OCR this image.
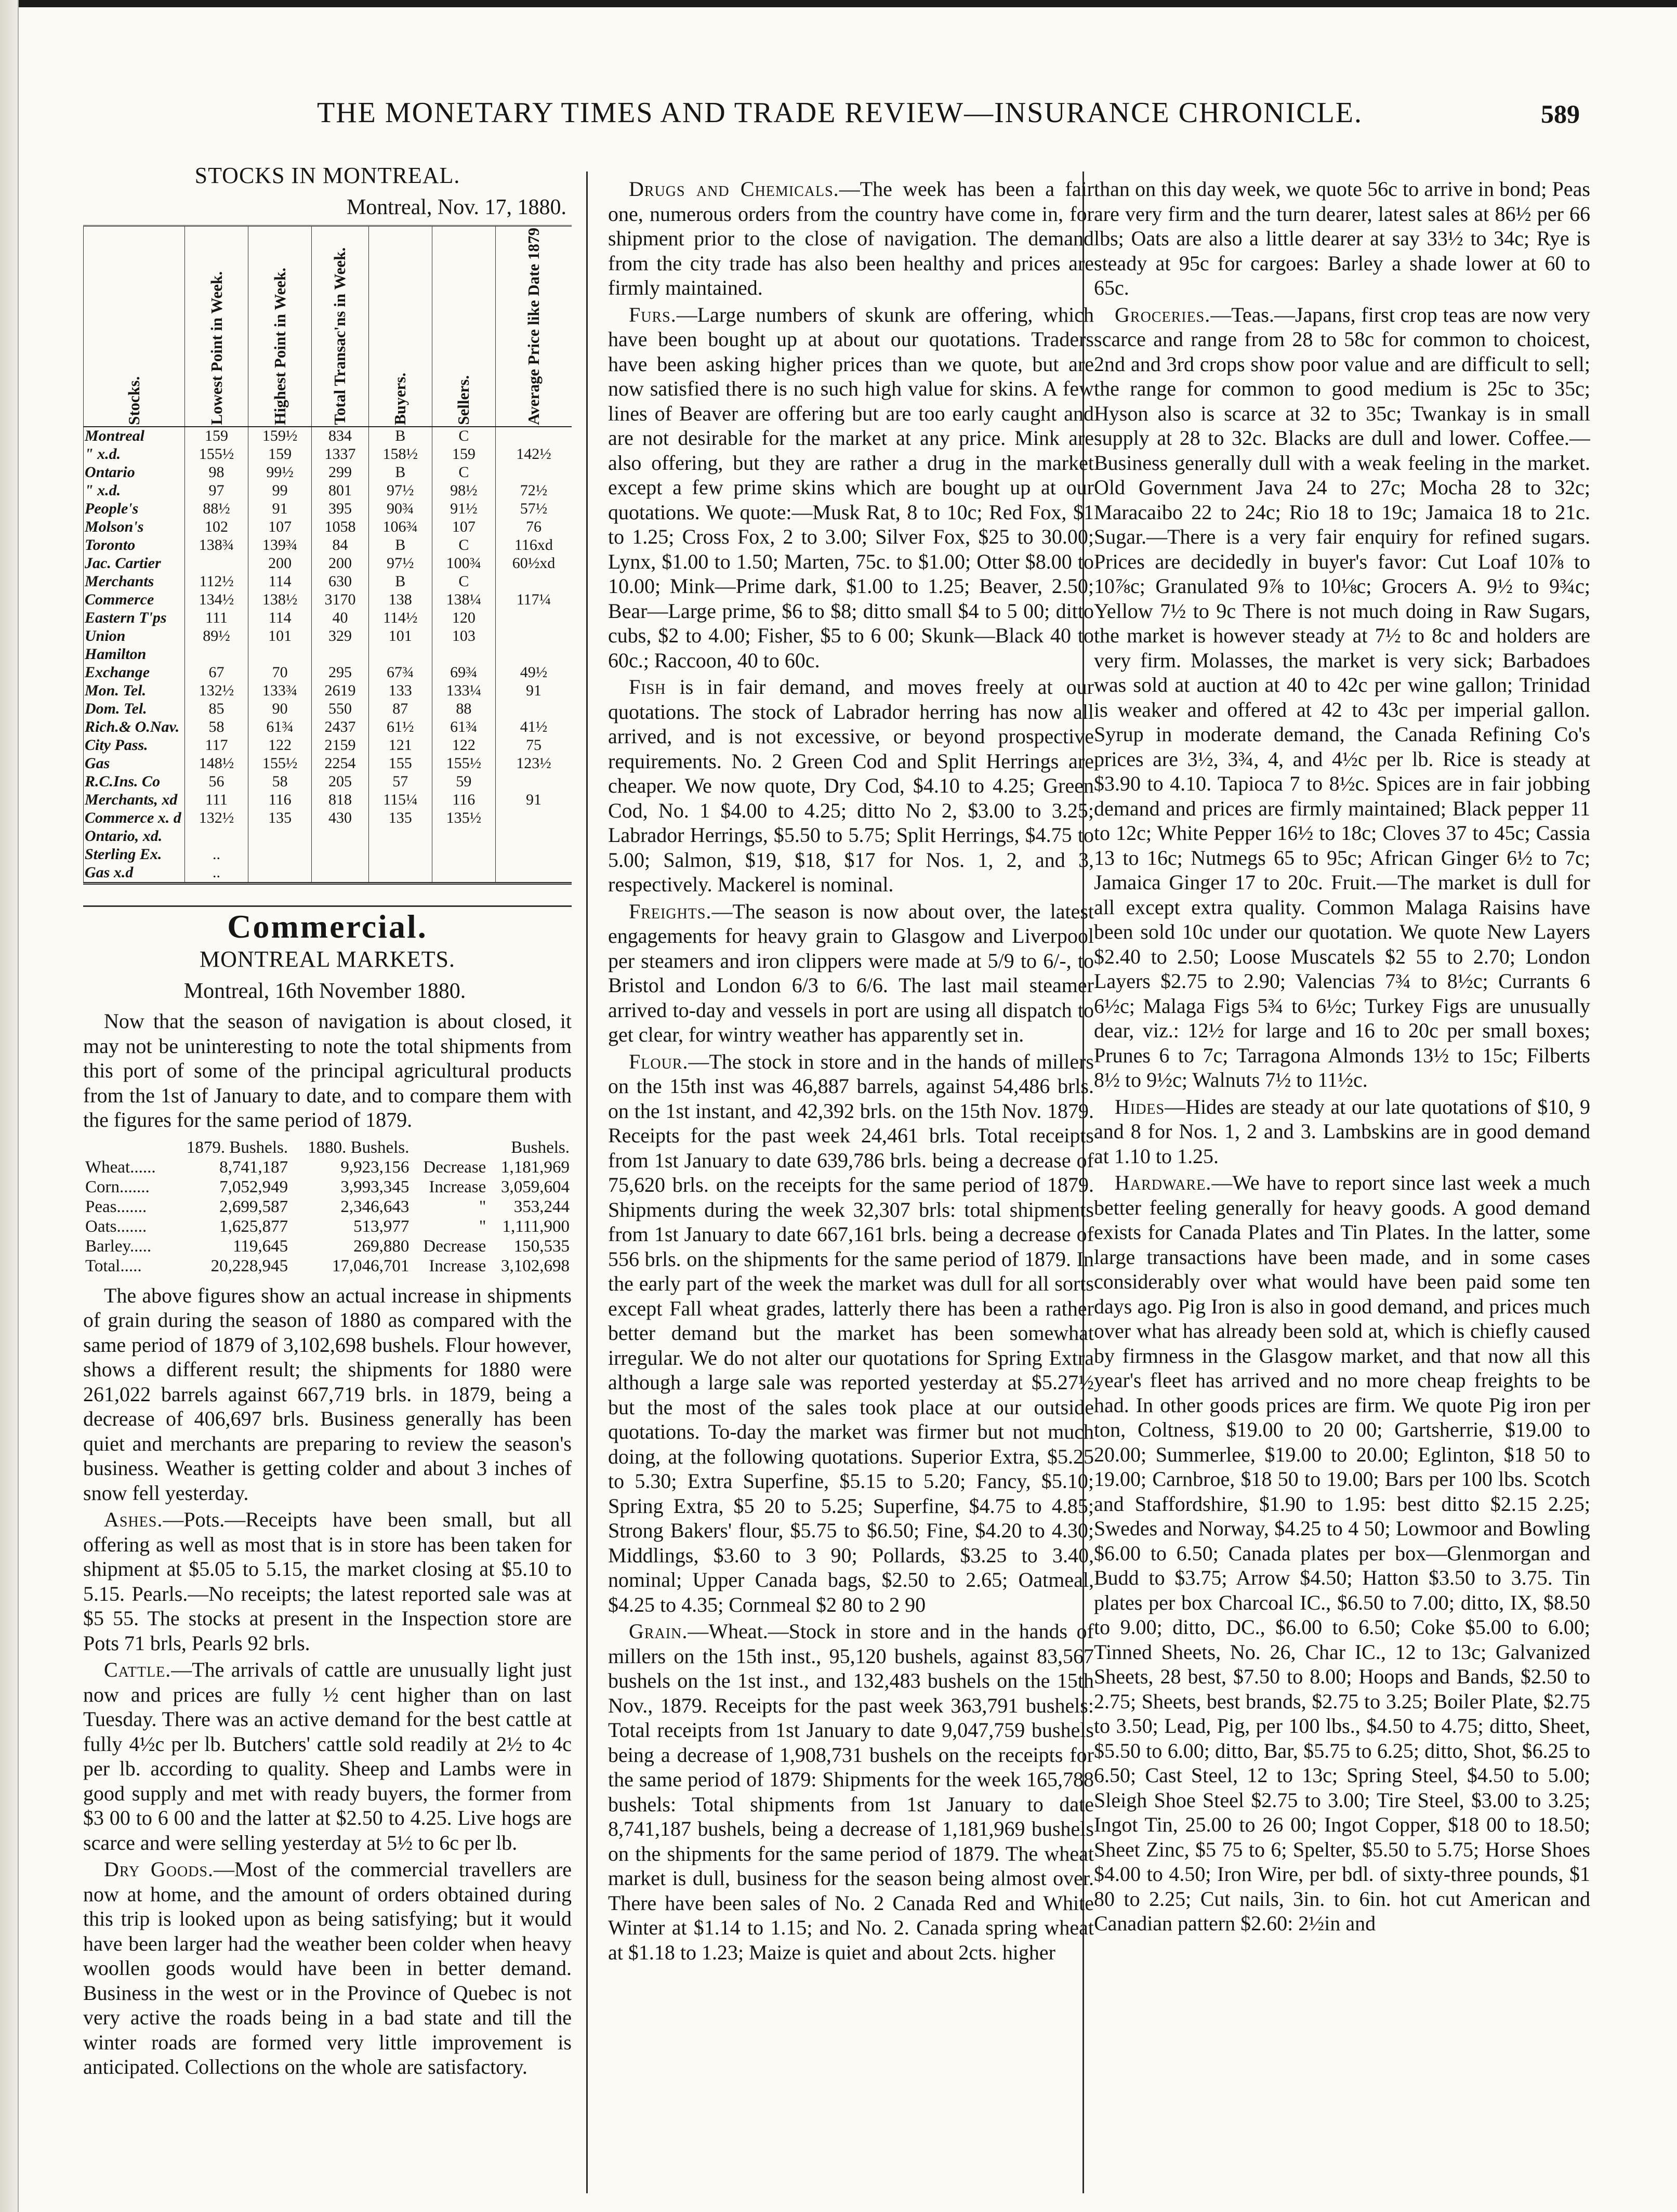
THE MONETARY TIMES AND TRADE REVIEW—INSURANCE CHRONICLE.	589
STOCKS IN MONTREAL.
Montreal, Nov. 17, 1880.
Stocks.	Lowest Point in Week.	Highest Point in Week.	Total Transac'ns in Week.	Buyers.	Sellers.	Average Price like Date 1879

Montreal	159	159½	834	B	C	
" x.d.	155½	159	1337	158½	159	142½
Ontario	98	99½	299	B	C	
" x.d.	97	99	801	97½	98½	72½
People's	88½	91	395	90¾	91½	57½
Molson's	102	107	1058	106¾	107	76
Toronto	138¾	139¾	84	B	C	116xd
Jac. Cartier		200	200	97½	100¾	60½xd
Merchants	112½	114	630	B	C	
Commerce	134½	138½	3170	138	138¼	117¼
Eastern T'ps	111	114	40	114½	120	
Union	89½	101	329	101	103	
Hamilton						
Exchange	67	70	295	67¾	69¾	49½
Mon. Tel.	132½	133¾	2619	133	133¼	91
Dom. Tel.	85	90	550	87	88	
Rich.& O.Nav.	58	61¾	2437	61½	61¾	41½
City Pass.	117	122	2159	121	122	75
Gas	148½	155½	2254	155	155½	123½
R.C.Ins. Co	56	58	205	57	59	
Merchants, xd	111	116	818	115¼	116	91
Commerce x. d	132½	135	430	135	135½	
Ontario, xd.						
Sterling Ex.	..					
Gas x.d	..					
Commercial.
MONTREAL MARKETS.
Montreal, 16th November 1880.

Now that the season of navigation is about closed, it may not be uninteresting to note the total shipments from this port of some of the principal agricultural products from the 1st of January to date, and to compare them with the figures for the same period of 1879.

	1879. Bushels.	1880. Bushels.		Bushels.
Wheat......	8,741,187	9,923,156	Decrease	1,181,969
Corn.......	7,052,949	3,993,345	Increase	3,059,604
Peas.......	2,699,587	2,346,643	"	353,244
Oats.......	1,625,877	513,977	"	1,111,900
Barley.....	119,645	269,880	Decrease	150,535
Total.....	20,228,945	17,046,701	Increase	3,102,698

The above figures show an actual increase in shipments of grain during the season of 1880 as compared with the same period of 1879 of 3,102,698 bushels. Flour however, shows a different result; the shipments for 1880 were 261,022 barrels against 667,719 brls. in 1879, being a decrease of 406,697 brls. Business generally has been quiet and merchants are preparing to review the season's business. Weather is getting colder and about 3 inches of snow fell yesterday.

Ashes.—Pots.—Receipts have been small, but all offering as well as most that is in store has been taken for shipment at $5.05 to 5.15, the market closing at $5.10 to 5.15. Pearls.—No receipts; the latest reported sale was at $5 55. The stocks at present in the Inspection store are Pots 71 brls, Pearls 92 brls.

Cattle.—The arrivals of cattle are unusually light just now and prices are fully ½ cent higher than on last Tuesday. There was an active demand for the best cattle at fully 4½c per lb. Butchers' cattle sold readily at 2½ to 4c per lb. according to quality. Sheep and Lambs were in good supply and met with ready buyers, the former from $3 00 to 6 00 and the latter at $2.50 to 4.25. Live hogs are scarce and were selling yesterday at 5½ to 6c per lb.

Dry Goods.—Most of the commercial travellers are now at home, and the amount of orders obtained during this trip is looked upon as being satisfying; but it would have been larger had the weather been colder when heavy woollen goods would have been in better demand. Business in the west or in the Province of Quebec is not very active the roads being in a bad state and till the winter roads are formed very little improvement is anticipated. Collections on the whole are satisfactory.

Drugs and Chemicals.—The week has been a fair one, numerous orders from the country have come in, for shipment prior to the close of navigation. The demand from the city trade has also been healthy and prices are firmly maintained.

Furs.—Large numbers of skunk are offering, which have been bought up at about our quotations. Traders have been asking higher prices than we quote, but are now satisfied there is no such high value for skins. A few lines of Beaver are offering but are too early caught and are not desirable for the market at any price. Mink are also offering, but they are rather a drug in the market except a few prime skins which are bought up at our quotations. We quote:—Musk Rat, 8 to 10c; Red Fox, $1 to 1.25; Cross Fox, 2 to 3.00; Silver Fox, $25 to 30.00; Lynx, $1.00 to 1.50; Marten, 75c. to $1.00; Otter $8.00 to 10.00; Mink—Prime dark, $1.00 to 1.25; Beaver, 2.50; Bear—Large prime, $6 to $8; ditto small $4 to 5 00; ditto cubs, $2 to 4.00; Fisher, $5 to 6 00; Skunk—Black 40 to 60c.; Raccoon, 40 to 60c.

Fish is in fair demand, and moves freely at our quotations. The stock of Labrador herring has now all arrived, and is not excessive, or beyond prospective requirements. No. 2 Green Cod and Split Herrings are cheaper. We now quote, Dry Cod, $4.10 to 4.25; Green Cod, No. 1 $4.00 to 4.25; ditto No 2, $3.00 to 3.25; Labrador Herrings, $5.50 to 5.75; Split Herrings, $4.75 to 5.00; Salmon, $19, $18, $17 for Nos. 1, 2, and 3, respectively. Mackerel is nominal.

Freights.—The season is now about over, the latest engagements for heavy grain to Glasgow and Liverpool per steamers and iron clippers were made at 5/9 to 6/-, to Bristol and London 6/3 to 6/6. The last mail steamer arrived to-day and vessels in port are using all dispatch to get clear, for wintry weather has apparently set in.

Flour.—The stock in store and in the hands of millers on the 15th inst was 46,887 barrels, against 54,486 brls. on the 1st instant, and 42,392 brls. on the 15th Nov. 1879. Receipts for the past week 24,461 brls. Total receipts from 1st January to date 639,786 brls. being a decrease of 75,620 brls. on the receipts for the same period of 1879. Shipments during the week 32,307 brls: total shipments from 1st January to date 667,161 brls. being a decrease of 556 brls. on the shipments for the same period of 1879. In the early part of the week the market was dull for all sorts except Fall wheat grades, latterly there has been a rather better demand but the market has been somewhat irregular. We do not alter our quotations for Spring Extra although a large sale was reported yesterday at $5.27½ but the most of the sales took place at our outside quotations. To-day the market was firmer but not much doing, at the following quotations. Superior Extra, $5.25 to 5.30; Extra Superfine, $5.15 to 5.20; Fancy, $5.10; Spring Extra, $5 20 to 5.25; Superfine, $4.75 to 4.85; Strong Bakers' flour, $5.75 to $6.50; Fine, $4.20 to 4.30; Middlings, $3.60 to 3 90; Pollards, $3.25 to 3.40, nominal; Upper Canada bags, $2.50 to 2.65; Oatmeal, $4.25 to 4.35; Cornmeal $2 80 to 2 90

Grain.—Wheat.—Stock in store and in the hands of millers on the 15th inst., 95,120 bushels, against 83,567 bushels on the 1st inst., and 132,483 bushels on the 15th Nov., 1879. Receipts for the past week 363,791 bushels: Total receipts from 1st January to date 9,047,759 bushels being a decrease of 1,908,731 bushels on the receipts for the same period of 1879: Shipments for the week 165,788 bushels: Total shipments from 1st January to date 8,741,187 bushels, being a decrease of 1,181,969 bushels on the shipments for the same period of 1879. The wheat market is dull, business for the season being almost over. There have been sales of No. 2 Canada Red and White Winter at $1.14 to 1.15; and No. 2. Canada spring wheat at $1.18 to 1.23; Maize is quiet and about 2cts. higher

than on this day week, we quote 56c to arrive in bond; Peas are very firm and the turn dearer, latest sales at 86½ per 66 lbs; Oats are also a little dearer at say 33½ to 34c; Rye is steady at 95c for cargoes: Barley a shade lower at 60 to 65c.

Groceries.—Teas.—Japans, first crop teas are now very scarce and range from 28 to 58c for common to choicest, 2nd and 3rd crops show poor value and are difficult to sell; the range for common to good medium is 25c to 35c; Hyson also is scarce at 32 to 35c; Twankay is in small supply at 28 to 32c. Blacks are dull and lower. Coffee.—Business generally dull with a weak feeling in the market. Old Government Java 24 to 27c; Mocha 28 to 32c; Maracaibo 22 to 24c; Rio 18 to 19c; Jamaica 18 to 21c. Sugar.—There is a very fair enquiry for refined sugars. Prices are decidedly in buyer's favor: Cut Loaf 10⅞ to 10⅞c; Granulated 9⅞ to 10⅛c; Grocers A. 9½ to 9¾c; Yellow 7½ to 9c There is not much doing in Raw Sugars, the market is however steady at 7½ to 8c and holders are very firm. Molasses, the market is very sick; Barbadoes was sold at auction at 40 to 42c per wine gallon; Trinidad is weaker and offered at 42 to 43c per imperial gallon. Syrup in moderate demand, the Canada Refining Co's prices are 3½, 3¾, 4, and 4½c per lb. Rice is steady at $3.90 to 4.10. Tapioca 7 to 8½c. Spices are in fair jobbing demand and prices are firmly maintained; Black pepper 11 to 12c; White Pepper 16½ to 18c; Cloves 37 to 45c; Cassia 13 to 16c; Nutmegs 65 to 95c; African Ginger 6½ to 7c; Jamaica Ginger 17 to 20c. Fruit.—The market is dull for all except extra quality. Common Malaga Raisins have been sold 10c under our quotation. We quote New Layers $2.40 to 2.50; Loose Muscatels $2 55 to 2.70; London Layers $2.75 to 2.90; Valencias 7¾ to 8½c; Currants 6 6½c; Malaga Figs 5¾ to 6½c; Turkey Figs are unusually dear, viz.: 12½ for large and 16 to 20c per small boxes; Prunes 6 to 7c; Tarragona Almonds 13½ to 15c; Filberts 8½ to 9½c; Walnuts 7½ to 11½c.

Hides—Hides are steady at our late quotations of $10, 9 and 8 for Nos. 1, 2 and 3. Lambskins are in good demand at 1.10 to 1.25.

Hardware.—We have to report since last week a much better feeling generally for heavy goods. A good demand exists for Canada Plates and Tin Plates. In the latter, some large transactions have been made, and in some cases considerably over what would have been paid some ten days ago. Pig Iron is also in good demand, and prices much over what has already been sold at, which is chiefly caused by firmness in the Glasgow market, and that now all this year's fleet has arrived and no more cheap freights to be had. In other goods prices are firm. We quote Pig iron per ton, Coltness, $19.00 to 20 00; Gartsherrie, $19.00 to 20.00; Summerlee, $19.00 to 20.00; Eglinton, $18 50 to 19.00; Carnbroe, $18 50 to 19.00; Bars per 100 lbs. Scotch and Staffordshire, $1.90 to 1.95: best ditto $2.15 2.25; Swedes and Norway, $4.25 to 4 50; Lowmoor and Bowling $6.00 to 6.50; Canada plates per box—Glenmorgan and Budd to $3.75; Arrow $4.50; Hatton $3.50 to 3.75. Tin plates per box Charcoal IC., $6.50 to 7.00; ditto, IX, $8.50 to 9.00; ditto, DC., $6.00 to 6.50; Coke $5.00 to 6.00; Tinned Sheets, No. 26, Char IC., 12 to 13c; Galvanized Sheets, 28 best, $7.50 to 8.00; Hoops and Bands, $2.50 to 2.75; Sheets, best brands, $2.75 to 3.25; Boiler Plate, $2.75 to 3.50; Lead, Pig, per 100 lbs., $4.50 to 4.75; ditto, Sheet, $5.50 to 6.00; ditto, Bar, $5.75 to 6.25; ditto, Shot, $6.25 to 6.50; Cast Steel, 12 to 13c; Spring Steel, $4.50 to 5.00; Sleigh Shoe Steel $2.75 to 3.00; Tire Steel, $3.00 to 3.25; Ingot Tin, 25.00 to 26 00; Ingot Copper, $18 00 to 18.50; Sheet Zinc, $5 75 to 6; Spelter, $5.50 to 5.75; Horse Shoes $4.00 to 4.50; Iron Wire, per bdl. of sixty-three pounds, $1 80 to 2.25; Cut nails, 3in. to 6in. hot cut American and Canadian pattern $2.60: 2½in and
